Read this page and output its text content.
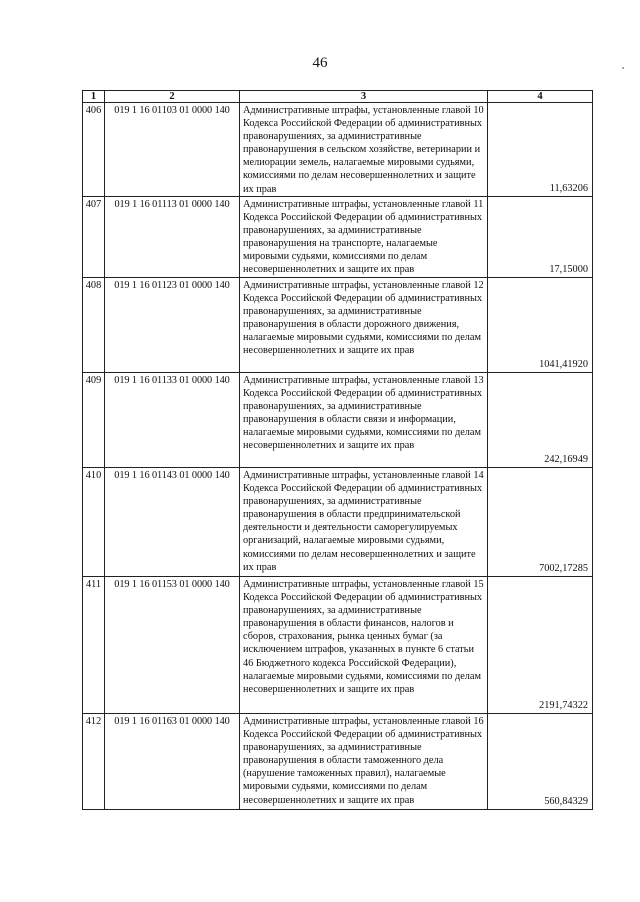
46
1	2	3	4
406	019 1 16 01103 01 0000 140	Административные штрафы, установленные главой 10 Кодекса Российской Федерации об административных правонарушениях, за административные правонарушения в сельском хозяйстве, ветеринарии и мелиорации земель, налагаемые мировыми судьями, комиссиями по делам несовершеннолетних и защите их прав	11,63206
407	019 1 16 01113 01 0000 140	Административные штрафы, установленные главой 11 Кодекса Российской Федерации об административных правонарушениях, за административные правонарушения на транспорте, налагаемые мировыми судьями, комиссиями по делам несовершеннолетних и защите их прав	17,15000
408	019 1 16 01123 01 0000 140	Административные штрафы, установленные главой 12 Кодекса Российской Федерации об административных правонарушениях, за административные правонарушения в области дорожного движения, налагаемые мировыми судьями, комиссиями по делам несовершеннолетних и защите их прав	1041,41920
409	019 1 16 01133 01 0000 140	Административные штрафы, установленные главой 13 Кодекса Российской Федерации об административных правонарушениях, за административные правонарушения в области связи и информации, налагаемые мировыми судьями, комиссиями по делам несовершеннолетних и защите их прав	242,16949
410	019 1 16 01143 01 0000 140	Административные штрафы, установленные главой 14 Кодекса Российской Федерации об административных правонарушениях, за административные правонарушения в области предпринимательской деятельности и деятельности саморегулируемых организаций, налагаемые мировыми судьями, комиссиями по делам несовершеннолетних и защите их прав	7002,17285
411	019 1 16 01153 01 0000 140	Административные штрафы, установленные главой 15 Кодекса Российской Федерации об административных правонарушениях, за административные правонарушения в области финансов, налогов и сборов, страхования, рынка ценных бумаг (за исключением штрафов, указанных в пункте 6 статьи 46 Бюджетного кодекса Российской Федерации), налагаемые мировыми судьями, комиссиями по делам несовершеннолетних и защите их прав	2191,74322
412	019 1 16 01163 01 0000 140	Административные штрафы, установленные главой 16 Кодекса Российской Федерации об административных правонарушениях, за административные правонарушения в области таможенного дела (нарушение таможенных правил), налагаемые мировыми судьями, комиссиями по делам несовершеннолетних и защите их прав	560,84329
